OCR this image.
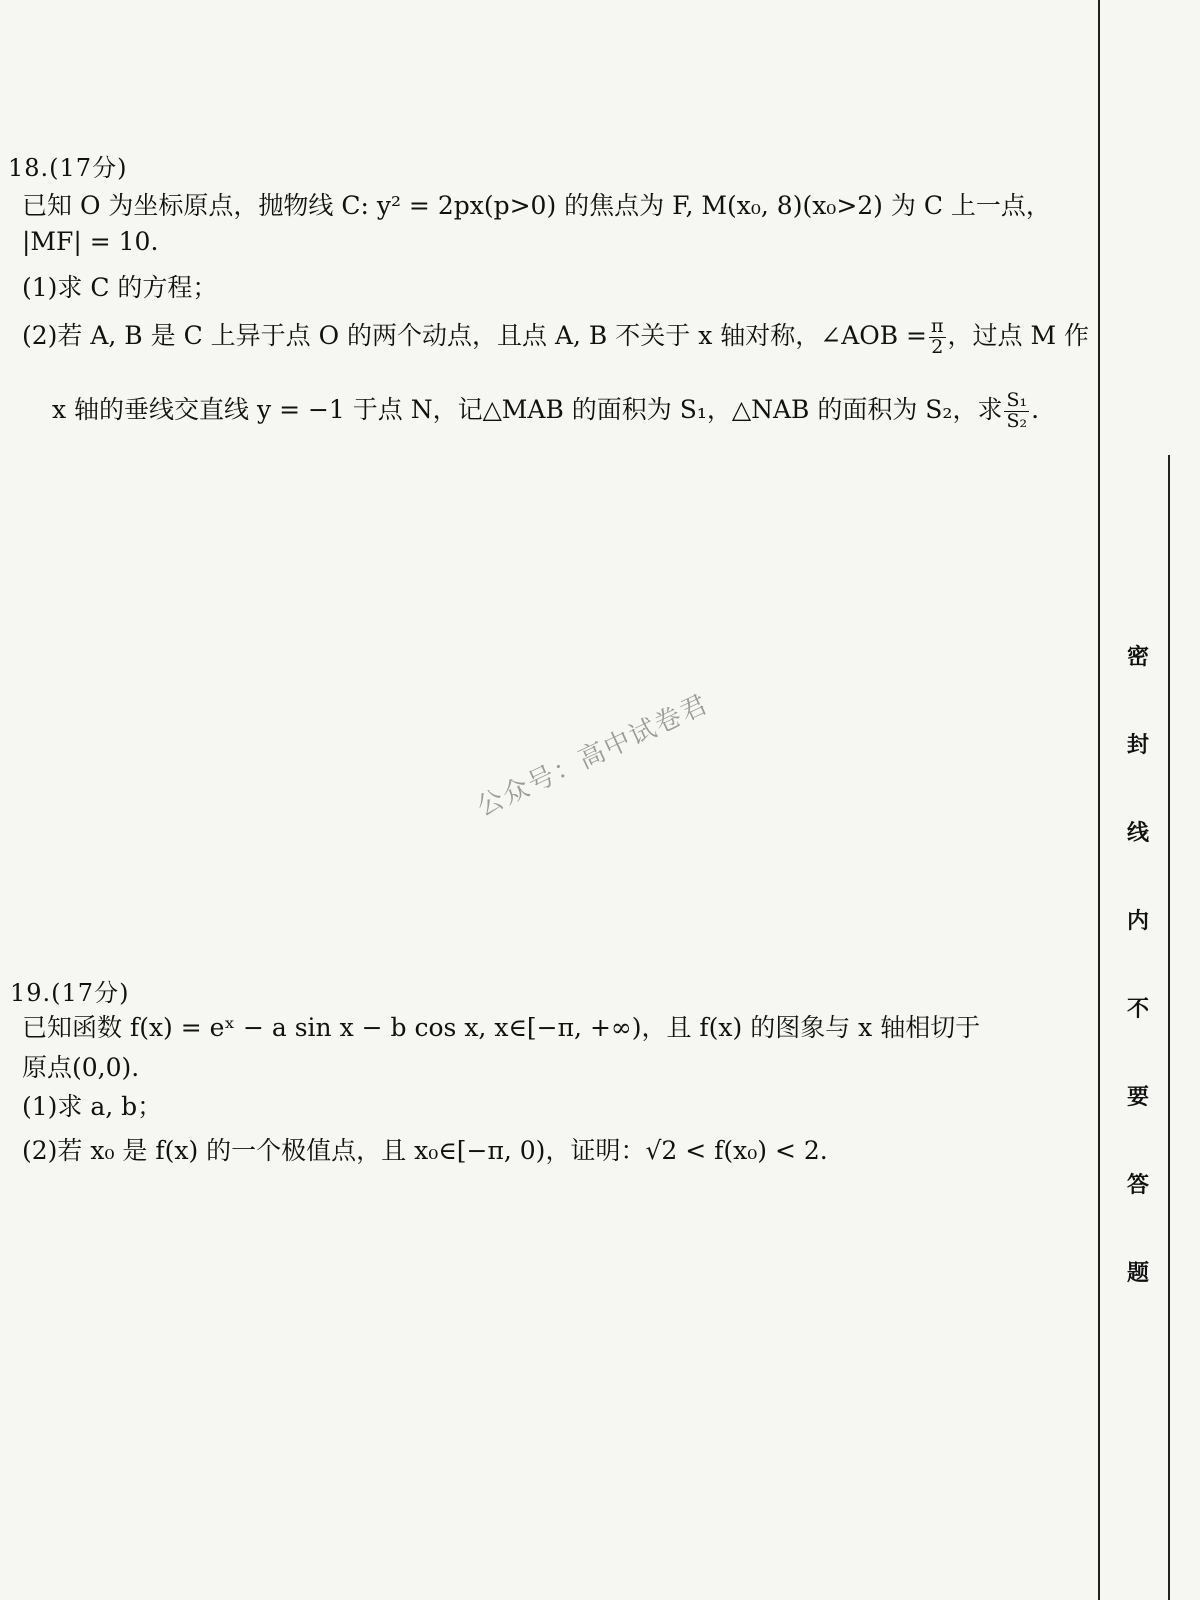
18.(17分)
已知 O 为坐标原点，抛物线 C: y² = 2px(p>0) 的焦点为 F, M(x₀, 8)(x₀>2) 为 C 上一点，
|MF| = 10.
(1)求 C 的方程；
(2)若 A, B 是 C 上异于点 O 的两个动点，且点 A, B 不关于 x 轴对称，∠AOB = $\frac{\pi}{2}$ ，过点 M 作
x 轴的垂线交直线 y = −1 于点 N，记△MAB 的面积为 S₁，△NAB 的面积为 S₂，求 $\frac{\text{S₁}}{\text{S₂}}$ .
公众号：高中试卷君
19.(17分)
已知函数 f(x) = eˣ − a sin x − b cos x, x∈[−π, +∞)，且 f(x) 的图象与 x 轴相切于
原点(0,0).
(1)求 a, b；
(2)若 x₀ 是 f(x) 的一个极值点，且 x₀∈[−π, 0)，证明：√2 < f(x₀) < 2.
密
封
线
内
不
要
答
题
